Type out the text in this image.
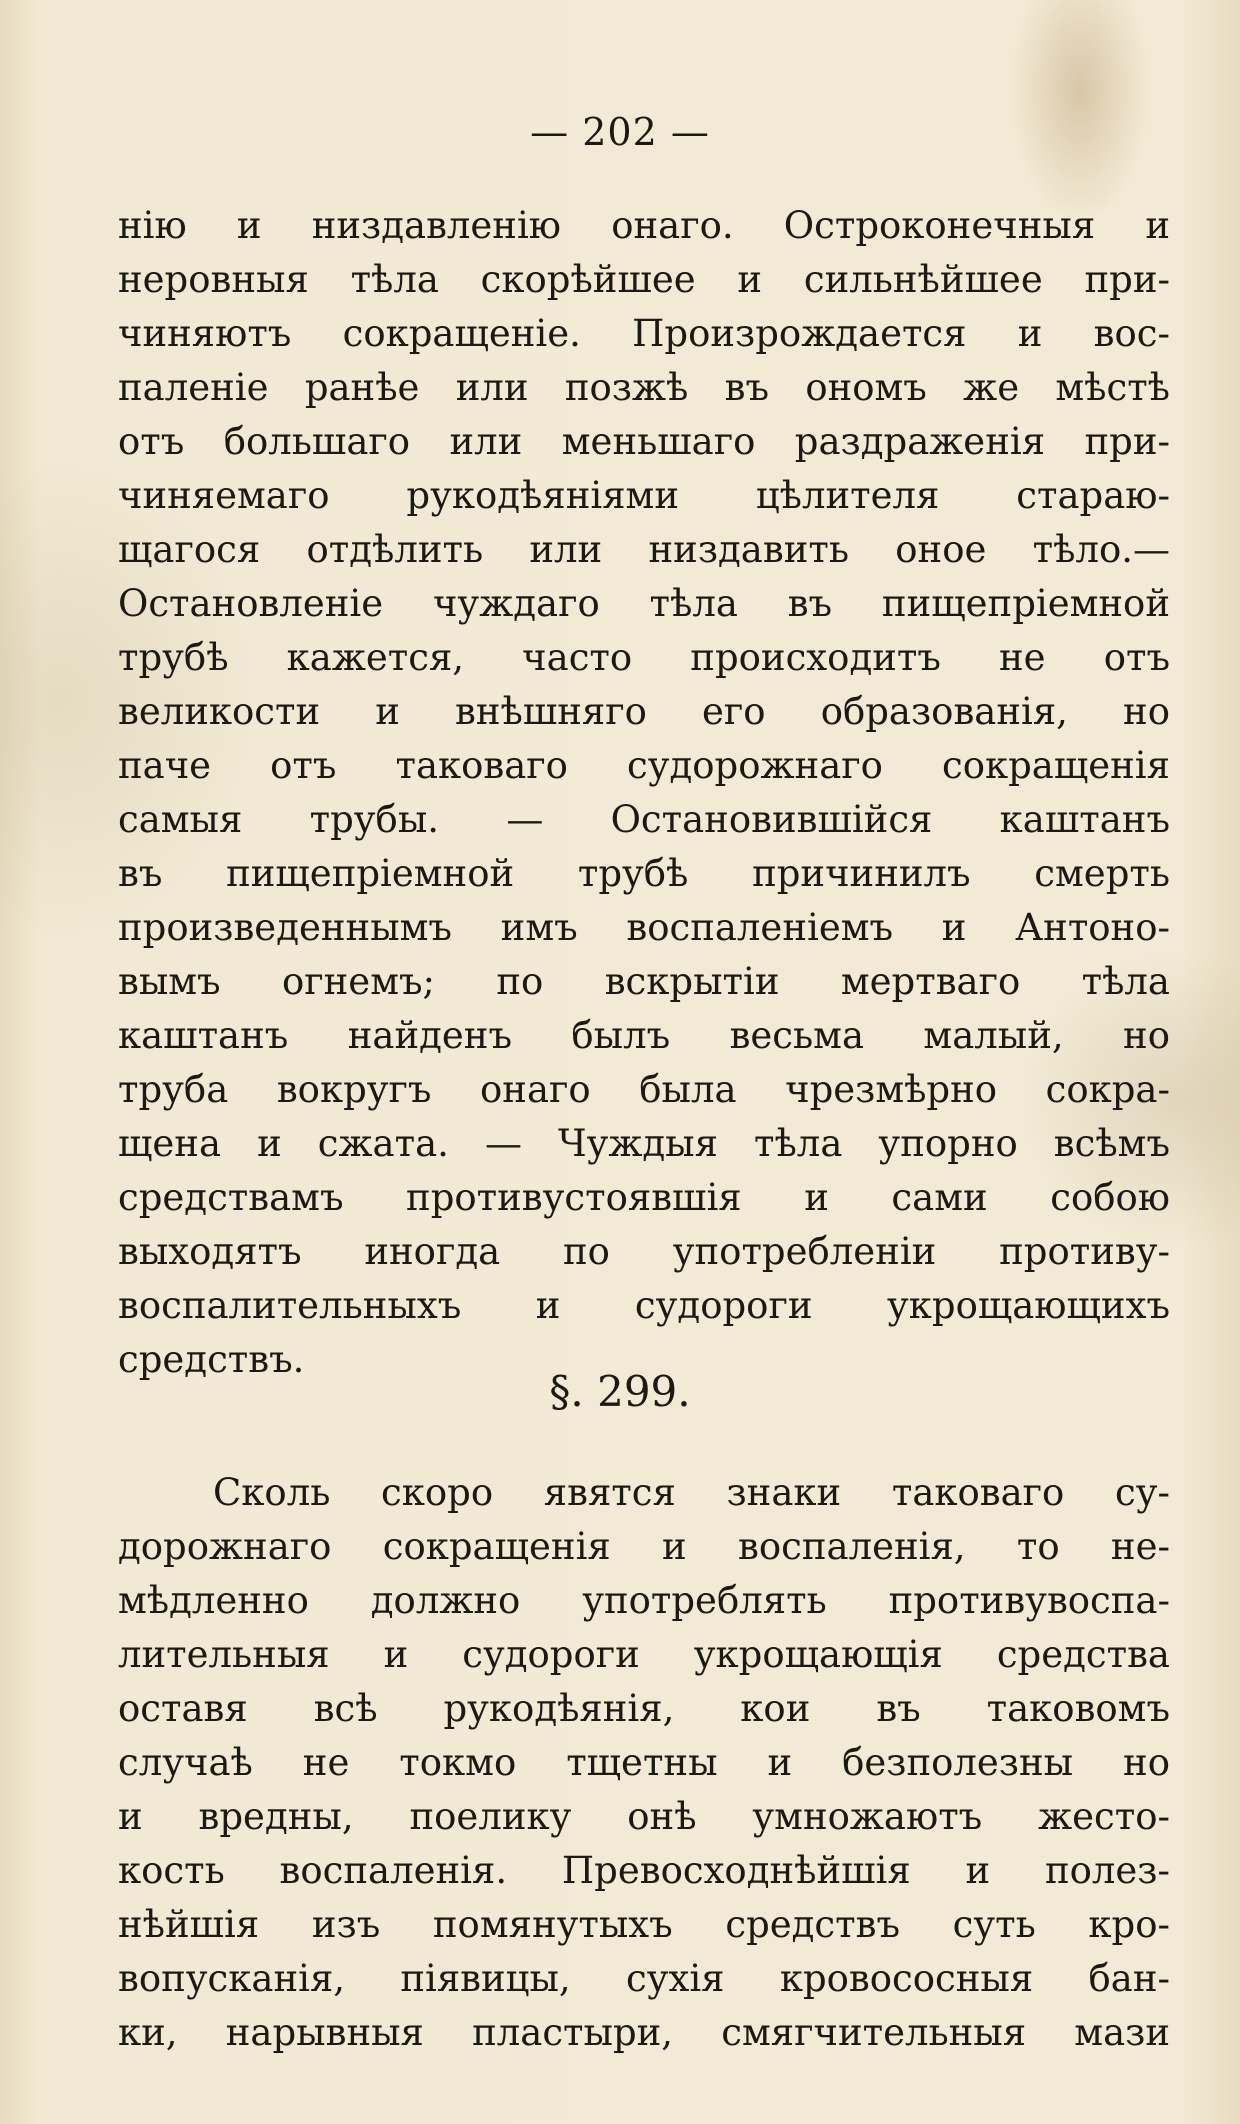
— 202 —
нію и низдавленію онаго. Остроконечныя и
неровныя тѣла скорѣйшее и сильнѣйшее при-
чиняютъ сокращеніе. Произрождается и вос-
паленіе ранѣе или позжѣ въ ономъ же мѣстѣ
отъ большаго или меньшаго раздраженія при-
чиняемаго рукодѣяніями цѣлителя стараю-
щагося отдѣлить или низдавить оное тѣло.—
Остановленіе чуждаго тѣла въ пищепріемной
трубѣ кажется, часто происходитъ не отъ
великости и внѣшняго его образованія, но
паче отъ таковаго судорожнаго сокращенія
самыя трубы. — Остановившійся каштанъ
въ пищепріемной трубѣ причинилъ смерть
произведеннымъ имъ воспаленіемъ и Антоно-
вымъ огнемъ; по вскрытіи мертваго тѣла
каштанъ найденъ былъ весьма малый, но
труба вокругъ онаго была чрезмѣрно сокра-
щена и сжата. — Чуждыя тѣла упорно всѣмъ
средствамъ противустоявшія и сами собою
выходятъ иногда по употребленіи противу-
воспалительныхъ и судороги укрощающихъ
средствъ.
§. 299.
Сколь скоро явятся знаки таковаго су-
дорожнаго сокращенія и воспаленія, то не-
мѣдленно должно употреблять противувоспа-
лительныя и судороги укрощающія средства
оставя всѣ рукодѣянія, кои въ таковомъ
случаѣ не токмо тщетны и безполезны но
и вредны, поелику онѣ умножаютъ жесто-
кость воспаленія. Превосходнѣйшія и полез-
нѣйшія изъ помянутыхъ средствъ суть кро-
вопусканія, піявицы, сухія кровососныя бан-
ки, нарывныя пластыри, смягчительныя мази
